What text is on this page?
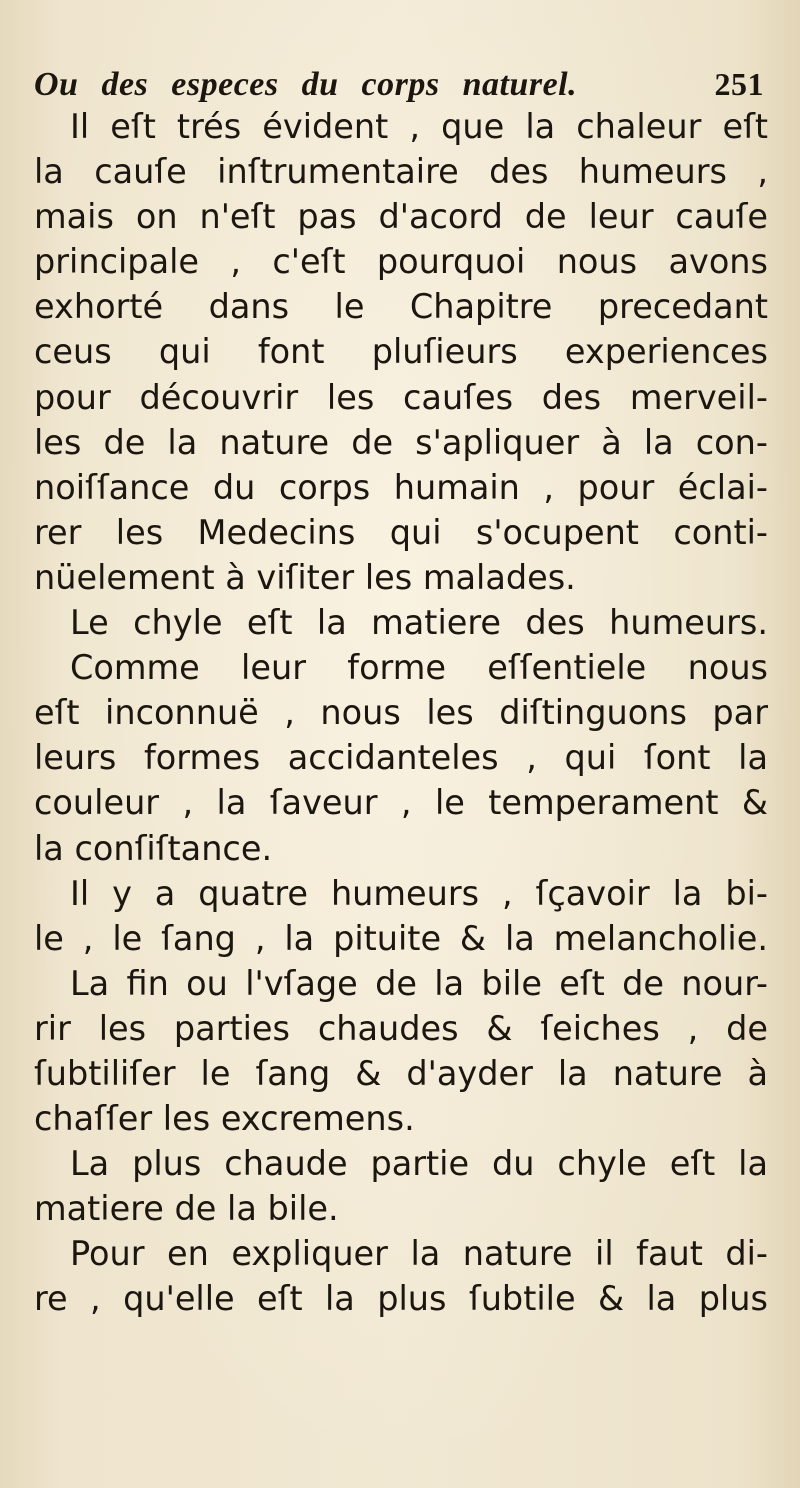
Ou des especes du corps naturel.	251
Il eſt trés évident , que la chaleur eſt
la cauſe inſtrumentaire des humeurs ,
mais on n'eſt pas d'acord de leur cauſe
principale , c'eſt pourquoi nous avons
exhorté dans le Chapitre precedant
ceus qui font pluſieurs experiences
pour découvrir les cauſes des merveil-
les de la nature de s'apliquer à la con-
noiſſance du corps humain , pour éclai-
rer les Medecins qui s'ocupent conti-
nüelement à viſiter les malades.
Le chyle eſt la matiere des humeurs.
Comme leur forme eſſentiele nous
eſt inconnuë , nous les diſtinguons par
leurs formes accidanteles , qui ſont la
couleur , la ſaveur , le temperament &
la conſiſtance.
Il y a quatre humeurs , ſçavoir la bi-
le , le ſang , la pituite & la melancholie.
La fin ou l'vſage de la bile eſt de nour-
rir les parties chaudes & ſeiches , de
ſubtiliſer le ſang & d'ayder la nature à
chaſſer les excremens.
La plus chaude partie du chyle eſt la
matiere de la bile.
Pour en expliquer la nature il faut di-
re , qu'elle eſt la plus ſubtile & la plus
